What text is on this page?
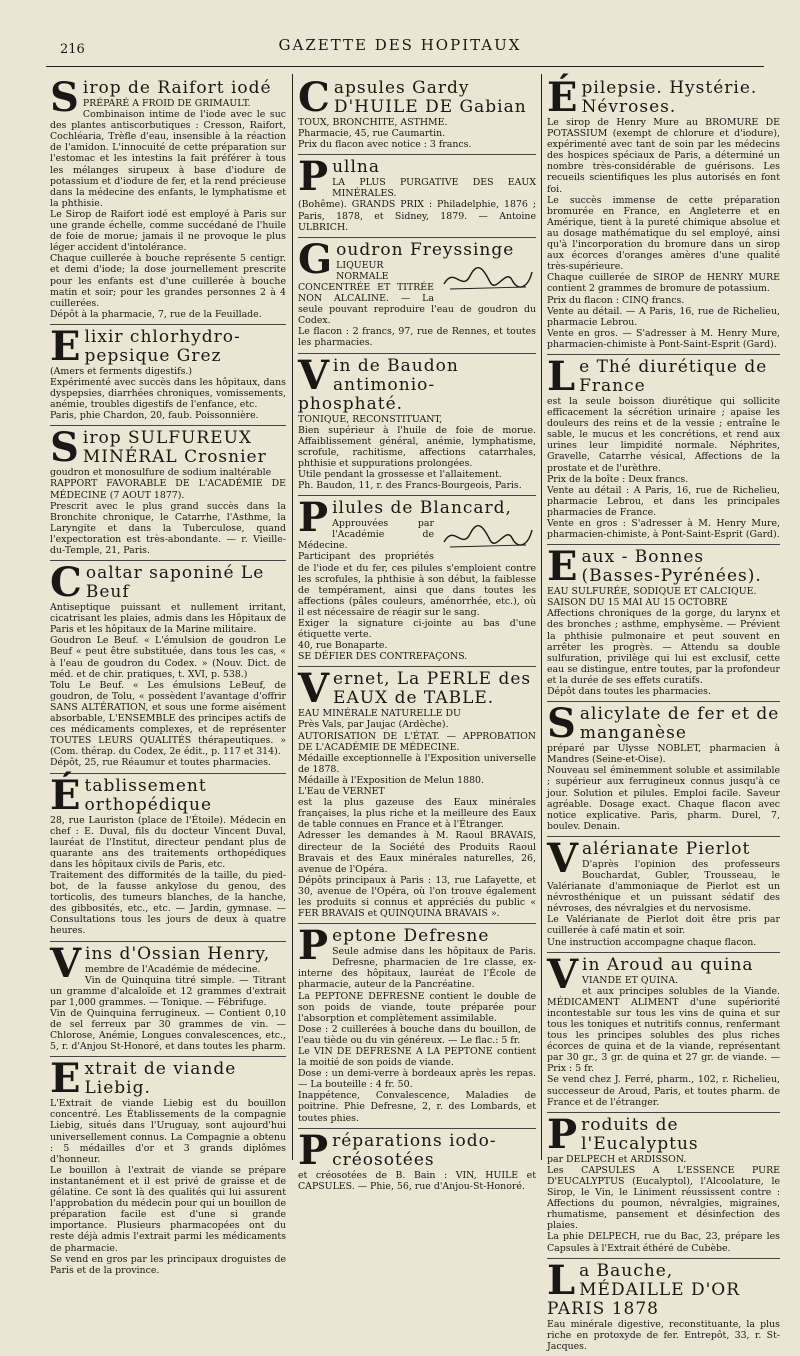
216	GAZETTE DES HOPITAUX
Sirop de Raifort iodé

PRÉPARÉ A FROID DE GRIMAULT.

Combinaison intime de l'iode avec le suc des plantes antiscorbutiques : Cresson, Raifort, Cochléaria, Trèfle d'eau, insensible à la réaction de l'amidon. L'innocuité de cette préparation sur l'estomac et les intestins la fait préférer à tous les mélanges sirupeux à base d'iodure de potassium et d'iodure de fer, et la rend précieuse dans la médecine des enfants, le lymphatisme et la phthisie.

Le Sirop de Raifort iodé est employé à Paris sur une grande échelle, comme succédané de l'huile de foie de morue; jamais il ne provoque le plus léger accident d'intolérance.

Chaque cuillerée à bouche représente 5 centigr. et demi d'iode; la dose journellement prescrite pour les enfants est d'une cuillerée à bouche matin et soir; pour les grandes personnes 2 à 4 cuillerées.

Dépôt à la pharmacie, 7, rue de la Feuillade.

Elixir chlorhydro-pepsique Grez

(Amers et ferments digestifs.)

Expérimenté avec succès dans les hôpitaux, dans dyspepsies, diarrhées chroniques, vomissements, anémie, troubles digestifs de l'enfance, etc.

Paris, phie Chardon, 20, faub. Poissonnière.

Sirop SULFUREUX MINÉRAL Crosnier

goudron et monosulfure de sodium inaltérable

RAPPORT FAVORABLE DE L'ACADÉMIE DE MÉDECINE (7 AOUT 1877).

Prescrit avec le plus grand succès dans la Bronchite chronique, le Catarrhe, l'Asthme, la Laryngite et dans la Tuberculose, quand l'expectoration est très-abondante. — r. Vieille-du-Temple, 21, Paris.

Coaltar saponiné Le Beuf

Antiseptique puissant et nullement irritant, cicatrisant les plaies, admis dans les Hôpitaux de Paris et les hôpitaux de la Marine militaire.

Goudron Le Beuf. « L'émulsion de goudron Le Beuf « peut être substituée, dans tous les cas, « à l'eau de goudron du Codex. » (Nouv. Dict. de méd. et de chir. pratiques, t. XVI, p. 538.)

Tolu Le Beuf. « Les émulsions LeBeuf, de goudron, de Tolu, « possèdent l'avantage d'offrir SANS ALTÉRATION, et sous une forme aisément absorbable, L'ENSEMBLE des principes actifs de ces médicaments complexes, et de représenter TOUTES LEURS QUALITÉS thérapeutiques. » (Com. thérap. du Codex, 2e édit., p. 117 et 314).

Dépôt, 25, rue Réaumur et toutes pharmacies.

Établissement orthopédique

28, rue Lauriston (place de l'Étoile). Médecin en chef : E. Duval, fils du docteur Vincent Duval, lauréat de l'Institut, directeur pendant plus de quarante ans des traitements orthopédiques dans les hôpitaux civils de Paris, etc.

Traitement des difformités de la taille, du pied-bot, de la fausse ankylose du genou, des torticolis, des tumeurs blanches, de la hanche, des gibbosités, etc., etc. — Jardin, gymnase. — Consultations tous les jours de deux à quatre heures.

Vins d'Ossian Henry,

membre de l'Académie de médecine.

Vin de Quinquina titré simple. — Titrant un gramme d'alcaloïde et 12 grammes d'extrait par 1,000 grammes. — Tonique. — Fébrifuge.

Vin de Quinquina ferrugineux. — Contient 0,10 de sel ferreux par 30 grammes de vin. — Chlorose, Anémie, Longues convalescences, etc., 5, r. d'Anjou St-Honoré, et dans toutes les pharm.

Extrait de viande Liebig.

L'Extrait de viande Liebig est du bouillon concentré. Les Établissements de la compagnie Liebig, situés dans l'Uruguay, sont aujourd'hui universellement connus. La Compagnie a obtenu : 5 médailles d'or et 3 grands diplômes d'honneur.

Le bouillon à l'extrait de viande se prépare instantanément et il est privé de graisse et de gélatine. Ce sont là des qualités qui lui assurent l'approbation du médecin pour qui un bouillon de préparation facile est d'une si grande importance. Plusieurs pharmacopées ont du reste déjà admis l'extrait parmi les médicaments de pharmacie.

Se vend en gros par les principaux droguistes de Paris et de la province.

Capsules Gardy D'HUILE DE Gabian

TOUX, BRONCHITE, ASTHME.

Pharmacie, 45, rue Caumartin.

Prix du flacon avec notice : 3 francs.

Pullna

LA PLUS PURGATIVE DES EAUX MINÉRALES.

(Bohême). GRANDS PRIX : Philadelphie, 1876 ; Paris, 1878, et Sidney, 1879. — Antoine ULBRICH.

Goudron Freyssinge

LIQUEUR NORMALE CONCENTRÉE ET TITRÉE NON ALCALINE. — La seule pouvant reproduire l'eau de goudron du Codex.

Le flacon : 2 francs, 97, rue de Rennes, et toutes les pharmacies.

Vin de Baudon antimonio-phosphaté.

TONIQUE, RECONSTITUANT,

Bien supérieur à l'huile de foie de morue. Affaiblissement général, anémie, lymphatisme, scrofule, rachitisme, affections catarrhales, phthisie et suppurations prolongées.

Utile pendant la grossesse et l'allaitement.

Ph. Baudon, 11, r. des Francs-Bourgeois, Paris.

Pilules de Blancard,

Approuvées par l'Académie de Médecine.

Participant des propriétés de l'iode et du fer, ces pilules s'emploient contre les scrofules, la phthisie à son début, la faiblesse de tempérament, ainsi que dans toutes les affections (pâles couleurs, aménorrhée, etc.), où il est nécessaire de réagir sur le sang.

Exiger la signature ci-jointe au bas d'une étiquette verte.

40, rue Bonaparte.

SE DÉFIER DES CONTREFAÇONS.

Vernet, La PERLE des EAUX de TABLE.

EAU MINÉRALE NATURELLE DU

Près Vals, par Jaujac (Ardèche).

AUTORISATION DE L'ÉTAT. — APPROBATION DE L'ACADÉMIE DE MÉDECINE.

Médaille exceptionnelle à l'Exposition universelle de 1878.

Médaille à l'Exposition de Melun 1880.

L'Eau de VERNET

est la plus gazeuse des Eaux minérales françaises, la plus riche et la meilleure des Eaux de table connues en France et à l'Étranger.

Adresser les demandes à M. Raoul BRAVAIS, directeur de la Société des Produits Raoul Bravais et des Eaux minérales naturelles, 26, avenue de l'Opéra.

Dépôts principaux à Paris : 13, rue Lafayette, et 30, avenue de l'Opéra, où l'on trouve également les produits si connus et appréciés du public « FER BRAVAIS et QUINQUINA BRAVAIS ».

Peptone Defresne

Seule admise dans les hôpitaux de Paris. Defresne, pharmacien de 1re classe, ex-interne des hôpitaux, lauréat de l'École de pharmacie, auteur de la Pancréatine.

La PEPTONE DEFRESNE contient le double de son poids de viande, toute préparée pour l'absorption et complètement assimilable.

Dose : 2 cuillerées à bouche dans du bouillon, de l'eau tiède ou du vin généreux. — Le flac.: 5 fr.

Le VIN DE DEFRESNE A LA PEPTONE contient la moitié de son poids de viande.

Dose : un demi-verre à bordeaux après les repas. — La bouteille : 4 fr. 50.

Inappétence, Convalescence, Maladies de poitrine. Phie Defresne, 2, r. des Lombards, et toutes phies.

Préparations iodo-créosotées

et créosotées de B. Bain : VIN, HUILE et CAPSULES. — Phie, 56, rue d'Anjou-St-Honoré.

Épilepsie. Hystérie. Névroses.

Le sirop de Henry Mure au BROMURE DE POTASSIUM (exempt de chlorure et d'iodure), expérimenté avec tant de soin par les médecins des hospices spéciaux de Paris, a déterminé un nombre très-considérable de guérisons. Les recueils scientifiques les plus autorisés en font foi.

Le succès immense de cette préparation bromurée en France, en Angleterre et en Amérique, tient à la pureté chimique absolue et au dosage mathématique du sel employé, ainsi qu'à l'incorporation du bromure dans un sirop aux écorces d'oranges amères d'une qualité très-supérieure.

Chaque cuillerée de SIROP de HENRY MURE contient 2 grammes de bromure de potassium.

Prix du flacon : CINQ francs.

Vente au détail. — A Paris, 16, rue de Richelieu, pharmacie Lebrou.

Vente en gros. — S'adresser à M. Henry Mure, pharmacien-chimiste à Pont-Saint-Esprit (Gard).

Le Thé diurétique de France

est la seule boisson diurétique qui sollicite efficacement la sécrétion urinaire ; apaise les douleurs des reins et de la vessie ; entraîne le sable, le mucus et les concrétions, et rend aux urines leur limpidité normale. Néphrites, Gravelle, Catarrhe vésical, Affections de la prostate et de l'urèthre.

Prix de la boîte : Deux francs.

Vente au détail : A Paris, 16, rue de Richelieu, pharmacie Lebrou, et dans les principales pharmacies de France.

Vente en gros : S'adresser à M. Henry Mure, pharmacien-chimiste, à Pont-Saint-Esprit (Gard).

Eaux - Bonnes (Basses-Pyrénées).

EAU SULFURÉE, SODIQUE ET CALCIQUE.

SAISON DU 15 MAI AU 15 OCTOBRE

Affections chroniques de la gorge, du larynx et des bronches ; asthme, emphysème. — Prévient la phthisie pulmonaire et peut souvent en arrêter les progrès. — Attendu sa double sulfuration, privilège qui lui est exclusif, cette eau se distingue, entre toutes, par la profondeur et la durée de ses effets curatifs.

Dépôt dans toutes les pharmacies.

Salicylate de fer et de manganèse

préparé par Ulysse NOBLET, pharmacien à Mandres (Seine-et-Oise).

Nouveau sel éminemment soluble et assimilable ; supérieur aux ferrugineux connus jusqu'à ce jour. Solution et pilules. Emploi facile. Saveur agréable. Dosage exact. Chaque flacon avec notice explicative. Paris, pharm. Durel, 7, boulev. Denain.

Valérianate Pierlot

D'après l'opinion des professeurs Bouchardat, Gubler, Trousseau, le Valérianate d'ammoniaque de Pierlot est un névrosthénique et un puissant sédatif des névroses, des névralgies et du nervosisme.

Le Valérianate de Pierlot doit être pris par cuillerée à café matin et soir.

Une instruction accompagne chaque flacon.

Vin Aroud au quina

VIANDE ET QUINA.

et aux principes solubles de la Viande. MÉDICAMENT ALIMENT d'une supériorité incontestable sur tous les vins de quina et sur tous les toniques et nutritifs connus, renfermant tous les principes solubles des plus riches écorces de quina et de la viande, représentant par 30 gr., 3 gr. de quina et 27 gr. de viande. — Prix : 5 fr.

Se vend chez J. Ferré, pharm., 102, r. Richelieu, successeur de Aroud, Paris, et toutes pharm. de France et de l'étranger.

Produits de l'Eucalyptus

par DELPECH et ARDISSON.

Les CAPSULES A L'ESSENCE PURE D'EUCALYPTUS (Eucalyptol), l'Alcoolature, le Sirop, le Vin, le Liniment réussissent contre : Affections du poumon, névralgies, migraines, rhumatisme, pansement et désinfection des plaies.

La phie DELPECH, rue du Bac, 23, prépare les Capsules à l'Extrait éthéré de Cubèbe.

La Bauche, MÉDAILLE D'OR PARIS 1878

Eau minérale digestive, reconstituante, la plus riche en protoxyde de fer. Entrepôt, 33, r. St-Jacques.
